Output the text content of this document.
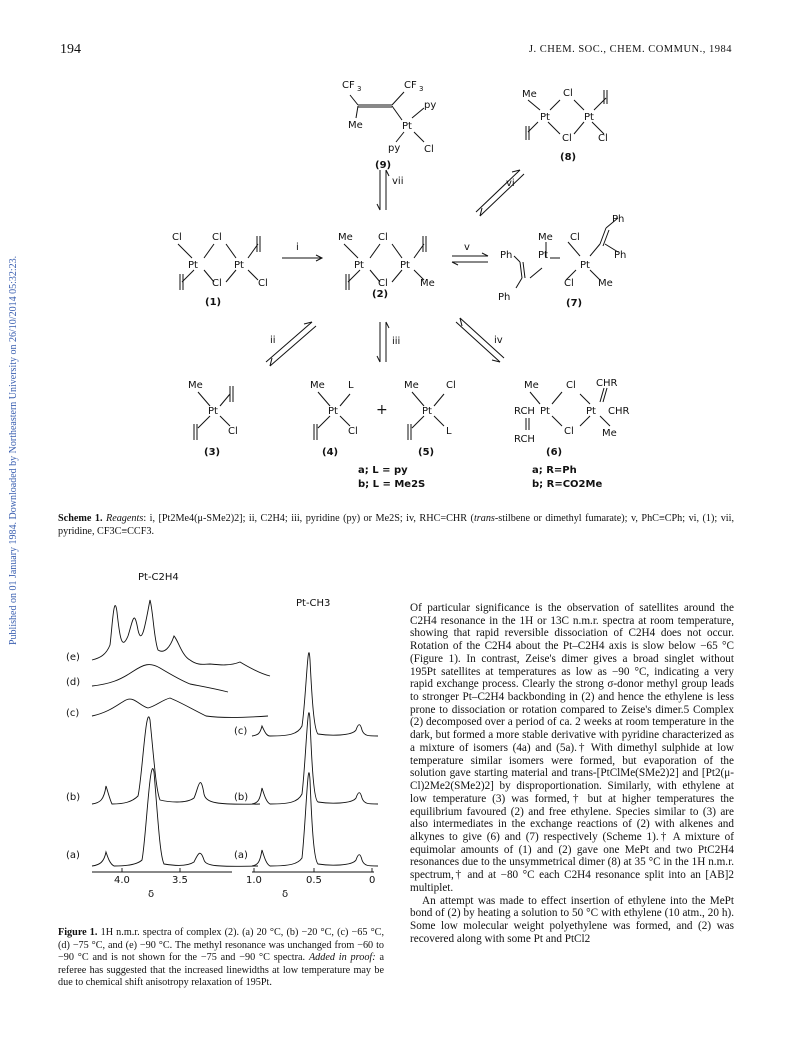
194	J. CHEM. SOC., CHEM. COMMUN., 1984
Published on 01 January 1984. Downloaded by Northeastern University on 26/10/2014 05:32:23.
CF 3	CF 3
Me	Pt
py
py Cl
(9)
Me	Cl
Pt	Pt
Cl	Cl
(8)
Cl	Cl
Pt	Pt
Cl	Cl
(1)
Me	Cl
Pt	Pt
Cl	Me
(2)
Me Cl
Pt
Pt
Ph
Ph
Ph
Cl Me
Ph
(7)
Me
Pt
Cl
(3)
Me L
Pt
Cl
(4)
+
Me	Cl
Pt
L
(5)
a; L = py
b; L = Me2S
Me	Cl CHR
RCH Pt	Pt CHR
Cl	Me
RCH
(6)
a; R=Ph
b; R=CO2Me
i
ii	iii	iv
v
vi
vii
Scheme 1. Reagents: i, [Pt2Me4(μ-SMe2)2]; ii, C2H4; iii, pyridine (py) or Me2S; iv, RHC=CHR (trans-stilbene or dimethyl fumarate); v, PhC≡CPh; vi, (1); vii, pyridine, CF3C≡CCF3.
Pt-C2H4
Pt-CH3
(e)
(d)
(c)
(b)
(a)
(c)
(b)
(a)
4.0	3.5
δ
1.0	0.5	0
δ
Figure 1. 1H n.m.r. spectra of complex (2). (a) 20 °C, (b) −20 °C, (c) −65 °C, (d) −75 °C, and (e) −90 °C. The methyl resonance was unchanged from −60 to −90 °C and is not shown for the −75 and −90 °C spectra. Added in proof: a referee has suggested that the increased linewidths at low temperature may be due to chemical shift anisotropy relaxation of 195Pt.

Of particular significance is the observation of satellites around the C2H4 resonance in the 1H or 13C n.m.r. spectra at room temperature, showing that rapid reversible dissociation of C2H4 does not occur. Rotation of the C2H4 about the Pt–C2H4 axis is slow below −65 °C (Figure 1). In contrast, Zeise's dimer gives a broad singlet without 195Pt satellites at temperatures as low as −90 °C, indicating a very rapid exchange process. Clearly the strong σ-donor methyl group leads to stronger Pt–C2H4 backbonding in (2) and hence the ethylene is less prone to dissociation or rotation compared to Zeise's dimer.5 Complex (2) decomposed over a period of ca. 2 weeks at room temperature in the dark, but formed a more stable derivative with pyridine characterized as a mixture of isomers (4a) and (5a).† With dimethyl sulphide at low temperature similar isomers were formed, but evaporation of the solution gave starting material and trans-[PtClMe(SMe2)2] and [Pt2(μ-Cl)2Me2(SMe2)2] by disproportionation. Similarly, with ethylene at low temperature (3) was formed,† but at higher temperatures the equilibrium favoured (2) and free ethylene. Species similar to (3) are also intermediates in the exchange reactions of (2) with alkenes and alkynes to give (6) and (7) respectively (Scheme 1).† A mixture of equimolar amounts of (1) and (2) gave one MePt and two PtC2H4 resonances due to the unsymmetrical dimer (8) at 35 °C in the 1H n.m.r. spectrum,† and at −80 °C each C2H4 resonance split into an [AB]2 multiplet.

An attempt was made to effect insertion of ethylene into the MePt bond of (2) by heating a solution to 50 °C with ethylene (10 atm., 20 h). Some low molecular weight polyethylene was formed, and (2) was recovered along with some Pt and PtCl2
